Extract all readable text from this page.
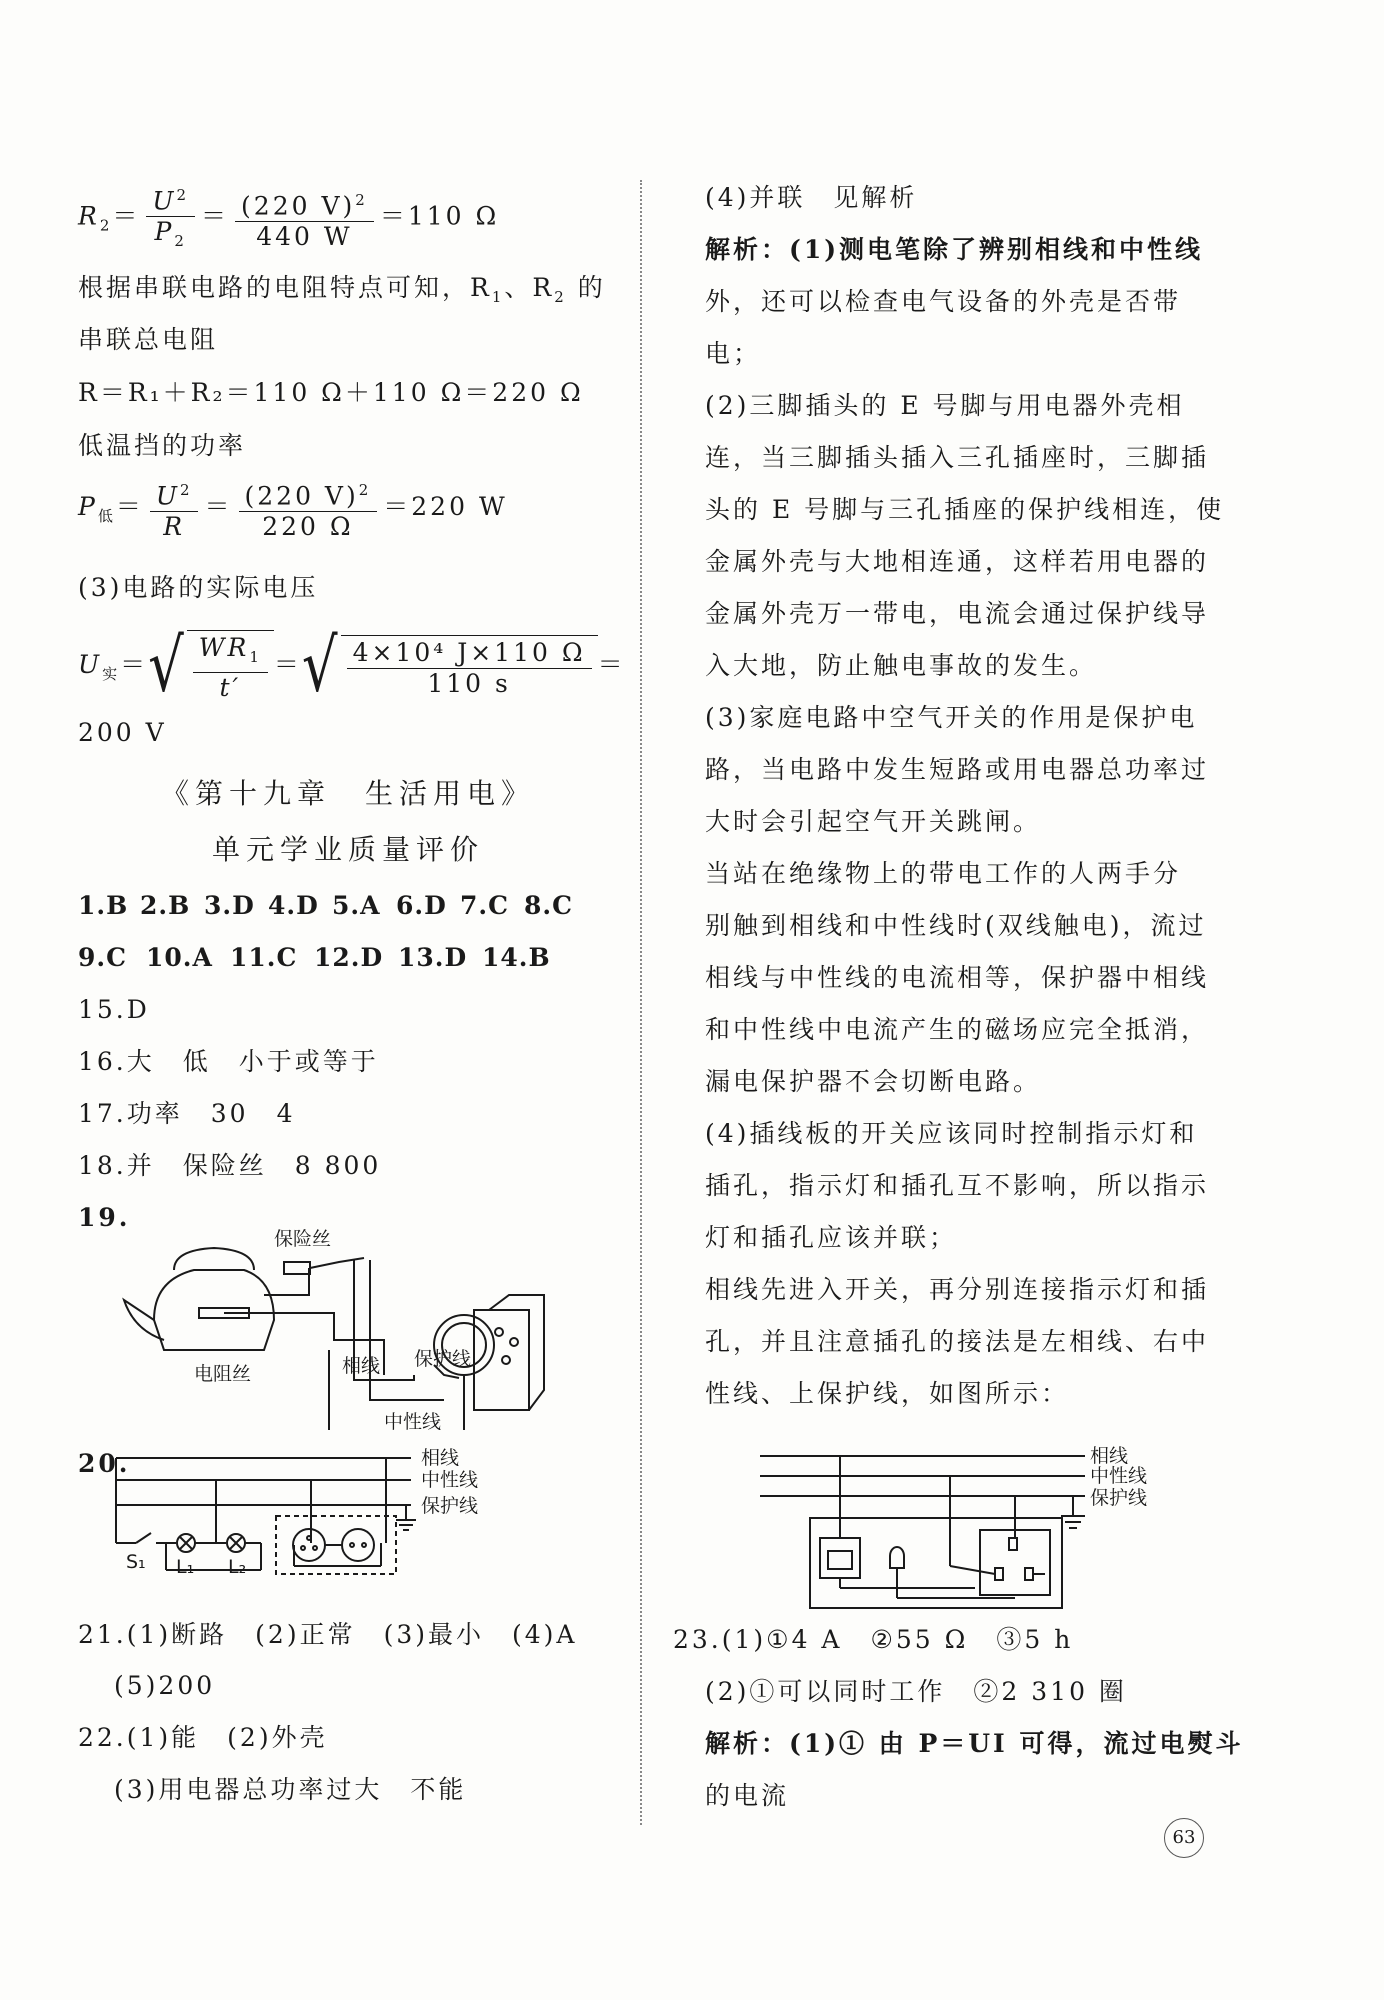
$R_2= \frac{U^2}{P_2} = \frac{(220 V)^2}{440 W} =110$ Ω
根据串联电路的电阻特点可知，$R_1$、$R_2$ 的
串联总电阻
R＝R₁＋R₂＝110 Ω＋110 Ω＝220 Ω
低温挡的功率
$P_低= \frac{U^2}{R} = \frac{(220 V)^2}{220 \Omega} =220$ W
(3)电路的实际电压
$U_实=$ √ $\frac{WR_1}{t'}$ ＝ √ $\frac{\text{4×10⁴ J×110 Ω}}{110 s}$ ＝
200 V
《第十九章　生活用电》
单元学业质量评价
1.B 2.B 3.D 4.D 5.A 6.D 7.C 8.C
9.C 10.A 11.C 12.D 13.D 14.B
15.D
16.大　低　小于或等于
17.功率　30　4
18.并　保险丝　8 800
19.
保险丝
相线 保护线
电阻丝
中性线
20.	相线
中性线
保护线
S₁ L₁ L₂
21.(1)断路　(2)正常　(3)最小　(4)A
(5)200
22.(1)能　(2)外壳
(3)用电器总功率过大　不能
(4)并联　见解析
解析：(1)测电笔除了辨别相线和中性线
外，还可以检查电气设备的外壳是否带
电；
(2)三脚插头的 E 号脚与用电器外壳相
连，当三脚插头插入三孔插座时，三脚插
头的 E 号脚与三孔插座的保护线相连，使
金属外壳与大地相连通，这样若用电器的
金属外壳万一带电，电流会通过保护线导
入大地，防止触电事故的发生。
(3)家庭电路中空气开关的作用是保护电
路，当电路中发生短路或用电器总功率过
大时会引起空气开关跳闸。
当站在绝缘物上的带电工作的人两手分
别触到相线和中性线时(双线触电)，流过
相线与中性线的电流相等，保护器中相线
和中性线中电流产生的磁场应完全抵消，
漏电保护器不会切断电路。
(4)插线板的开关应该同时控制指示灯和
插孔，指示灯和插孔互不影响，所以指示
灯和插孔应该并联；
相线先进入开关，再分别连接指示灯和插
孔，并且注意插孔的接法是左相线、右中
性线、上保护线，如图所示：
相线
中性线
保护线
23.(1)①4 A　②55 Ω　③5 h
(2)①可以同时工作　②2 310 圈
解析：(1)① 由 P＝UI 可得，流过电熨斗
的电流
63
